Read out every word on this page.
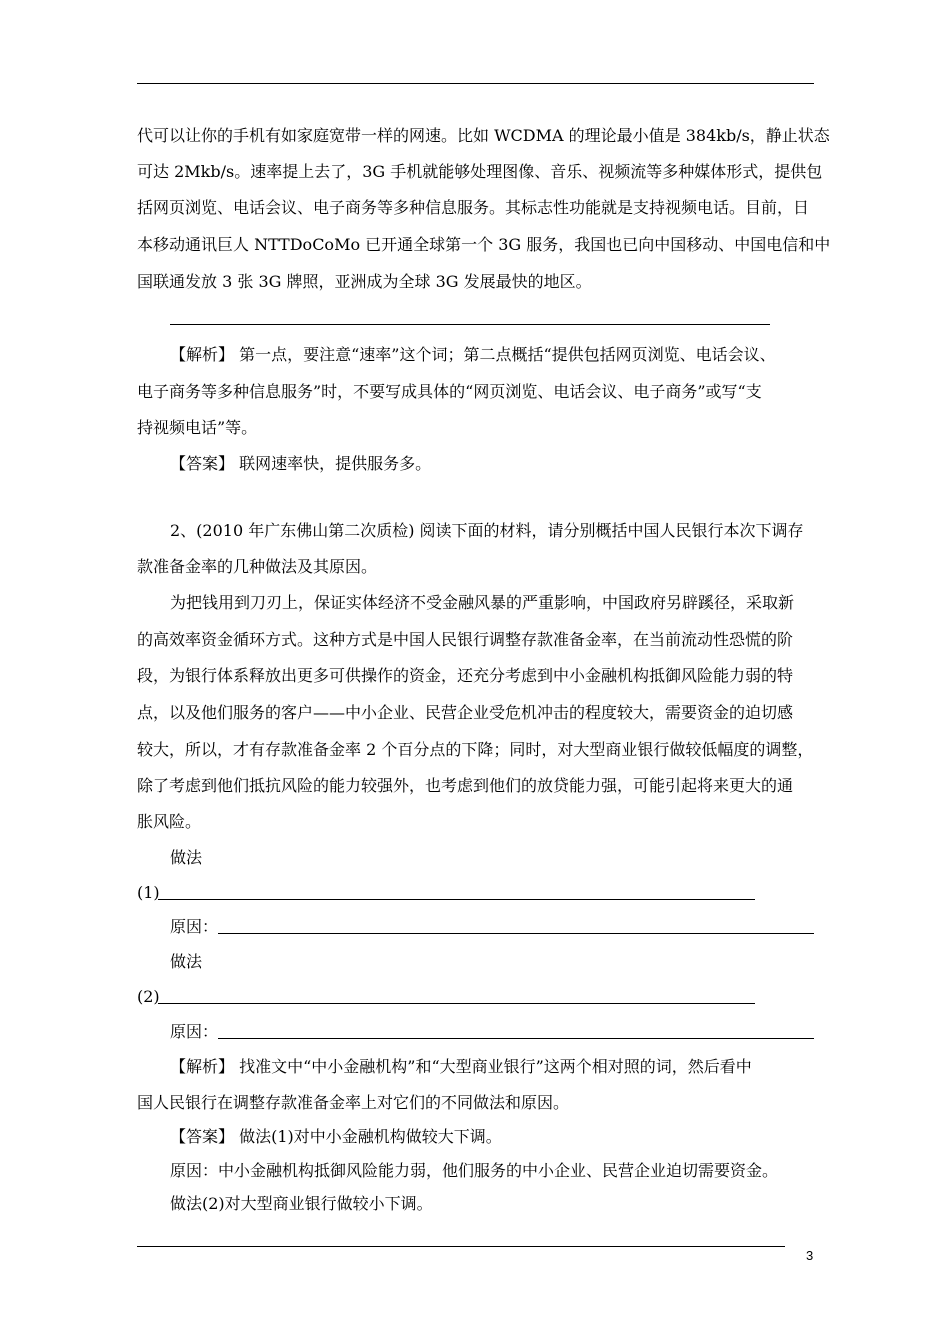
代可以让你的手机有如家庭宽带一样的网速。比如 WCDMA 的理论最小值是 384kb/s，静止状态
可达 2Mkb/s。速率提上去了，3G 手机就能够处理图像、音乐、视频流等多种媒体形式，提供包
括网页浏览、电话会议、电子商务等多种信息服务。其标志性功能就是支持视频电话。目前，日
本移动通讯巨人 NTTDoCoMo 已开通全球第一个 3G 服务，我国也已向中国移动、中国电信和中
国联通发放 3 张 3G 牌照，亚洲成为全球 3G 发展最快的地区。
【解析】 第一点，要注意“速率”这个词；第二点概括“提供包括网页浏览、电话会议、
电子商务等多种信息服务”时，不要写成具体的“网页浏览、电话会议、电子商务”或写“支
持视频电话”等。
【答案】 联网速率快，提供服务多。
2、(2010 年广东佛山第二次质检) 阅读下面的材料，请分别概括中国人民银行本次下调存
款准备金率的几种做法及其原因。
为把钱用到刀刃上，保证实体经济不受金融风暴的严重影响，中国政府另辟蹊径，采取新
的高效率资金循环方式。这种方式是中国人民银行调整存款准备金率，在当前流动性恐慌的阶
段，为银行体系释放出更多可供操作的资金，还充分考虑到中小金融机构抵御风险能力弱的特
点，以及他们服务的客户——中小企业、民营企业受危机冲击的程度较大，需要资金的迫切感
较大，所以，才有存款准备金率 2 个百分点的下降；同时，对大型商业银行做较低幅度的调整，
除了考虑到他们抵抗风险的能力较强外，也考虑到他们的放贷能力强，可能引起将来更大的通
胀风险。
做法
(1)
原因：
做法
(2)
原因：
【解析】 找准文中“中小金融机构”和“大型商业银行”这两个相对照的词，然后看中
国人民银行在调整存款准备金率上对它们的不同做法和原因。
【答案】 做法(1)对中小金融机构做较大下调。
原因：中小金融机构抵御风险能力弱，他们服务的中小企业、民营企业迫切需要资金。
做法(2)对大型商业银行做较小下调。
3
